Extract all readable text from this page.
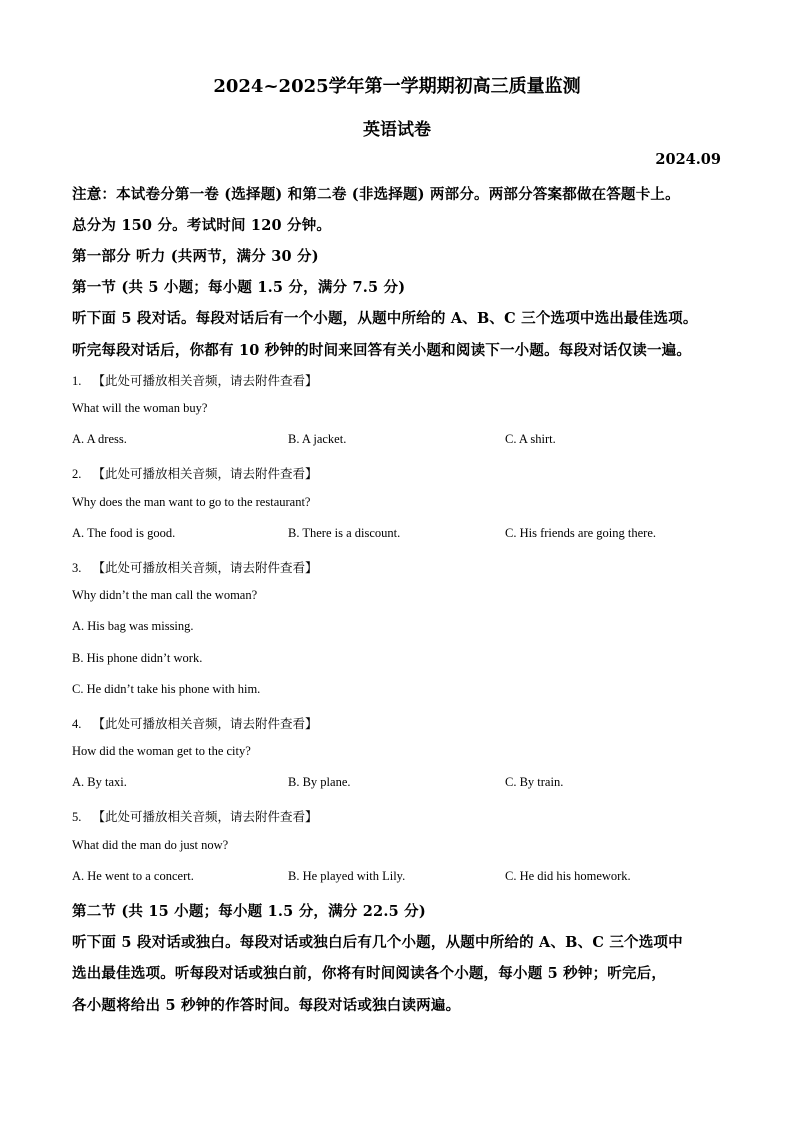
2024~2025学年第一学期期初高三质量监测
英语试卷
2024.09
注意：本试卷分第一卷 (选择题) 和第二卷 (非选择题) 两部分。两部分答案都做在答题卡上。
总分为 150 分。考试时间 120 分钟。
第一部分 听力 (共两节，满分 30 分)
第一节 (共 5 小题；每小题 1.5 分，满分 7.5 分)
听下面 5 段对话。每段对话后有一个小题，从题中所给的 A、B、C 三个选项中选出最佳选项。
听完每段对话后，你都有 10 秒钟的时间来回答有关小题和阅读下一小题。每段对话仅读一遍。
1. 【此处可播放相关音频，请去附件查看】
What will the woman buy?
A. A dress.	B. A jacket.	C. A shirt.
2. 【此处可播放相关音频，请去附件查看】
Why does the man want to go to the restaurant?
A. The food is good.	B. There is a discount.	C. His friends are going there.
3. 【此处可播放相关音频，请去附件查看】
Why didn’t the man call the woman?
A. His bag was missing.
B. His phone didn’t work.
C. He didn’t take his phone with him.
4. 【此处可播放相关音频，请去附件查看】
How did the woman get to the city?
A. By taxi.	B. By plane.	C. By train.
5. 【此处可播放相关音频，请去附件查看】
What did the man do just now?
A. He went to a concert.	B. He played with Lily.	C. He did his homework.
第二节 (共 15 小题；每小题 1.5 分，满分 22.5 分)
听下面 5 段对话或独白。每段对话或独白后有几个小题，从题中所给的 A、B、C 三个选项中
选出最佳选项。听每段对话或独白前，你将有时间阅读各个小题，每小题 5 秒钟；听完后，
各小题将给出 5 秒钟的作答时间。每段对话或独白读两遍。
